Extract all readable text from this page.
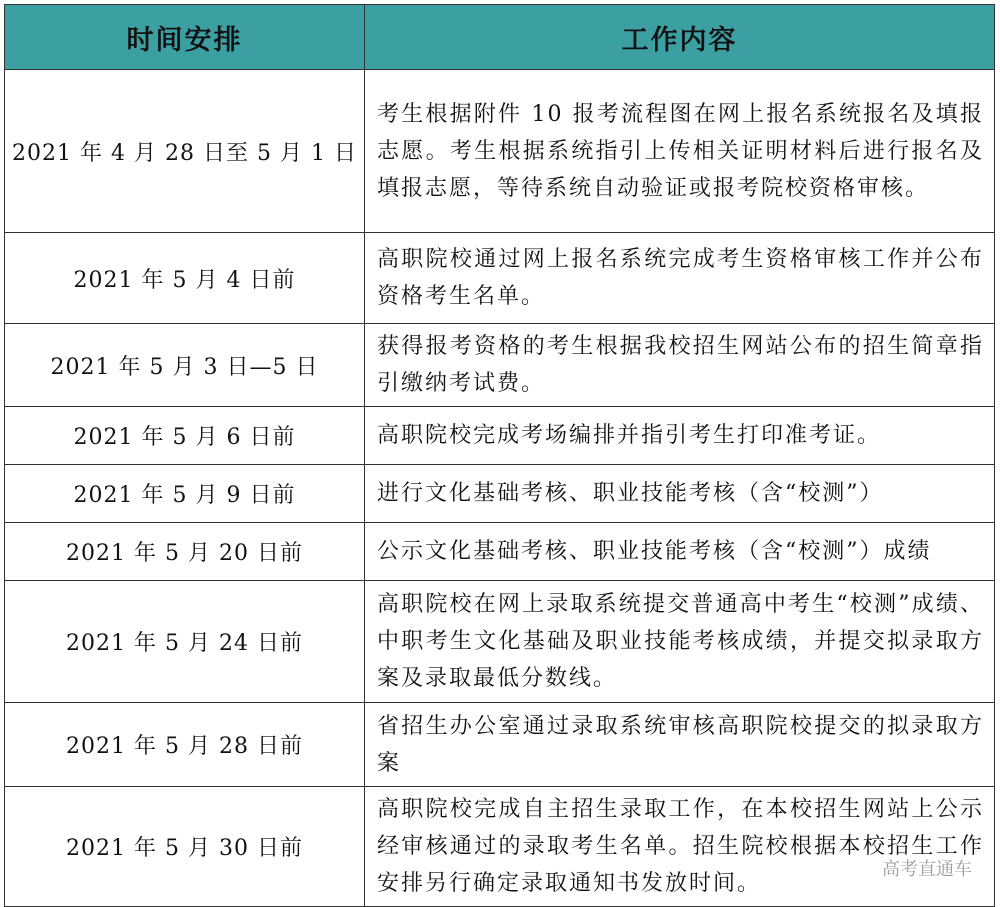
时间安排	工作内容
2021 年 4 月 28 日至 5 月 1 日	考生根据附件 10 报考流程图在网上报名系统报名及填报志愿。考生根据系统指引上传相关证明材料后进行报名及填报志愿，等待系统自动验证或报考院校资格审核。
2021 年 5 月 4 日前	高职院校通过网上报名系统完成考生资格审核工作并公布资格考生名单。
2021 年 5 月 3 日—5 日	获得报考资格的考生根据我校招生网站公布的招生简章指引缴纳考试费。
2021 年 5 月 6 日前	高职院校完成考场编排并指引考生打印准考证。
2021 年 5 月 9 日前	进行文化基础考核、职业技能考核（含“校测”）
2021 年 5 月 20 日前	公示文化基础考核、职业技能考核（含“校测”）成绩
2021 年 5 月 24 日前	高职院校在网上录取系统提交普通高中考生“校测”成绩、中职考生文化基础及职业技能考核成绩，并提交拟录取方案及录取最低分数线。
2021 年 5 月 28 日前	省招生办公室通过录取系统审核高职院校提交的拟录取方案
2021 年 5 月 30 日前	高职院校完成自主招生录取工作，在本校招生网站上公示经审核通过的录取考生名单。招生院校根据本校招生工作安排另行确定录取通知书发放时间。
高考直通车
